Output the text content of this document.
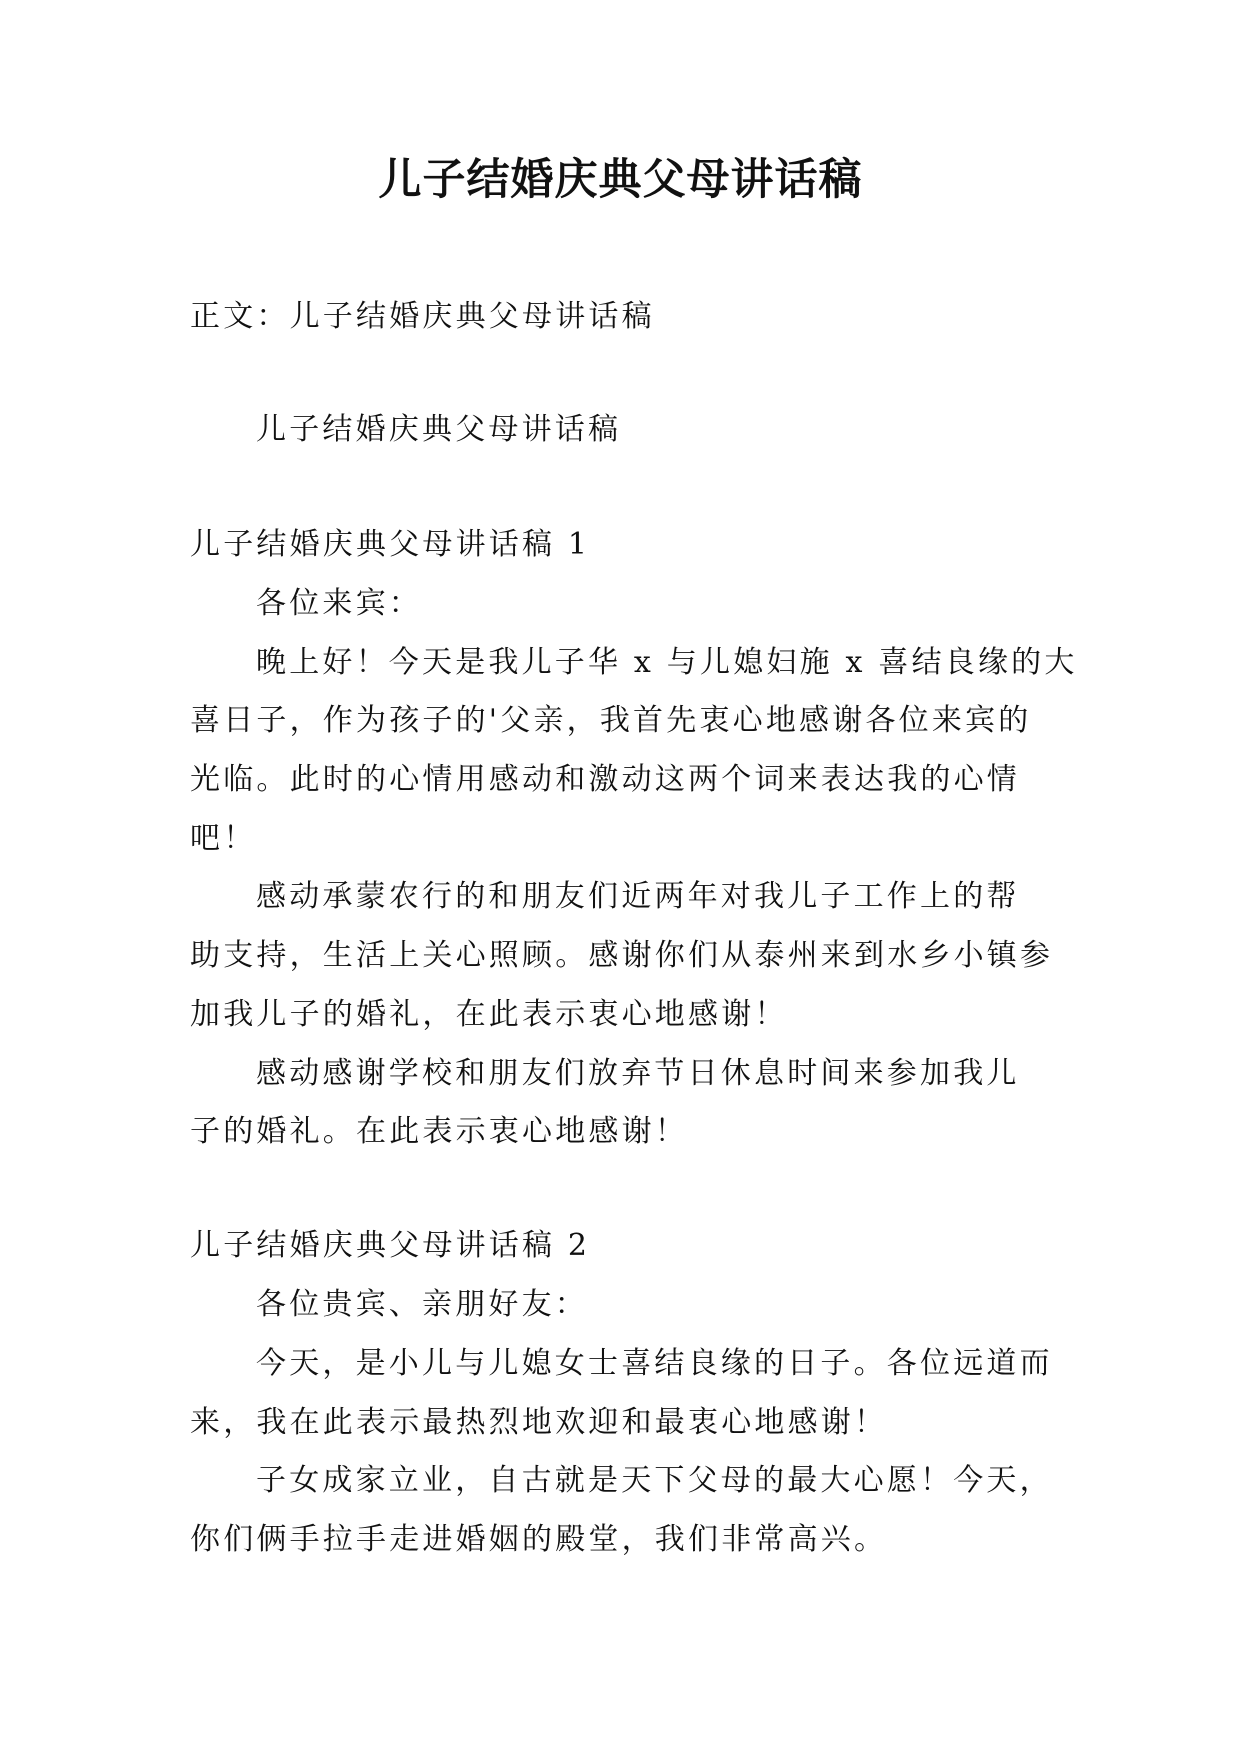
儿子结婚庆典父母讲话稿
正文：儿子结婚庆典父母讲话稿
儿子结婚庆典父母讲话稿
儿子结婚庆典父母讲话稿 1
各位来宾：
晚上好！今天是我儿子华 x 与儿媳妇施 x 喜结良缘的大
喜日子，作为孩子的'父亲，我首先衷心地感谢各位来宾的
光临。此时的心情用感动和激动这两个词来表达我的心情
吧！
感动承蒙农行的和朋友们近两年对我儿子工作上的帮
助支持，生活上关心照顾。感谢你们从泰州来到水乡小镇参
加我儿子的婚礼，在此表示衷心地感谢！
感动感谢学校和朋友们放弃节日休息时间来参加我儿
子的婚礼。在此表示衷心地感谢！
儿子结婚庆典父母讲话稿 2
各位贵宾、亲朋好友：
今天，是小儿与儿媳女士喜结良缘的日子。各位远道而
来，我在此表示最热烈地欢迎和最衷心地感谢！
子女成家立业，自古就是天下父母的最大心愿！今天，
你们俩手拉手走进婚姻的殿堂，我们非常高兴。
